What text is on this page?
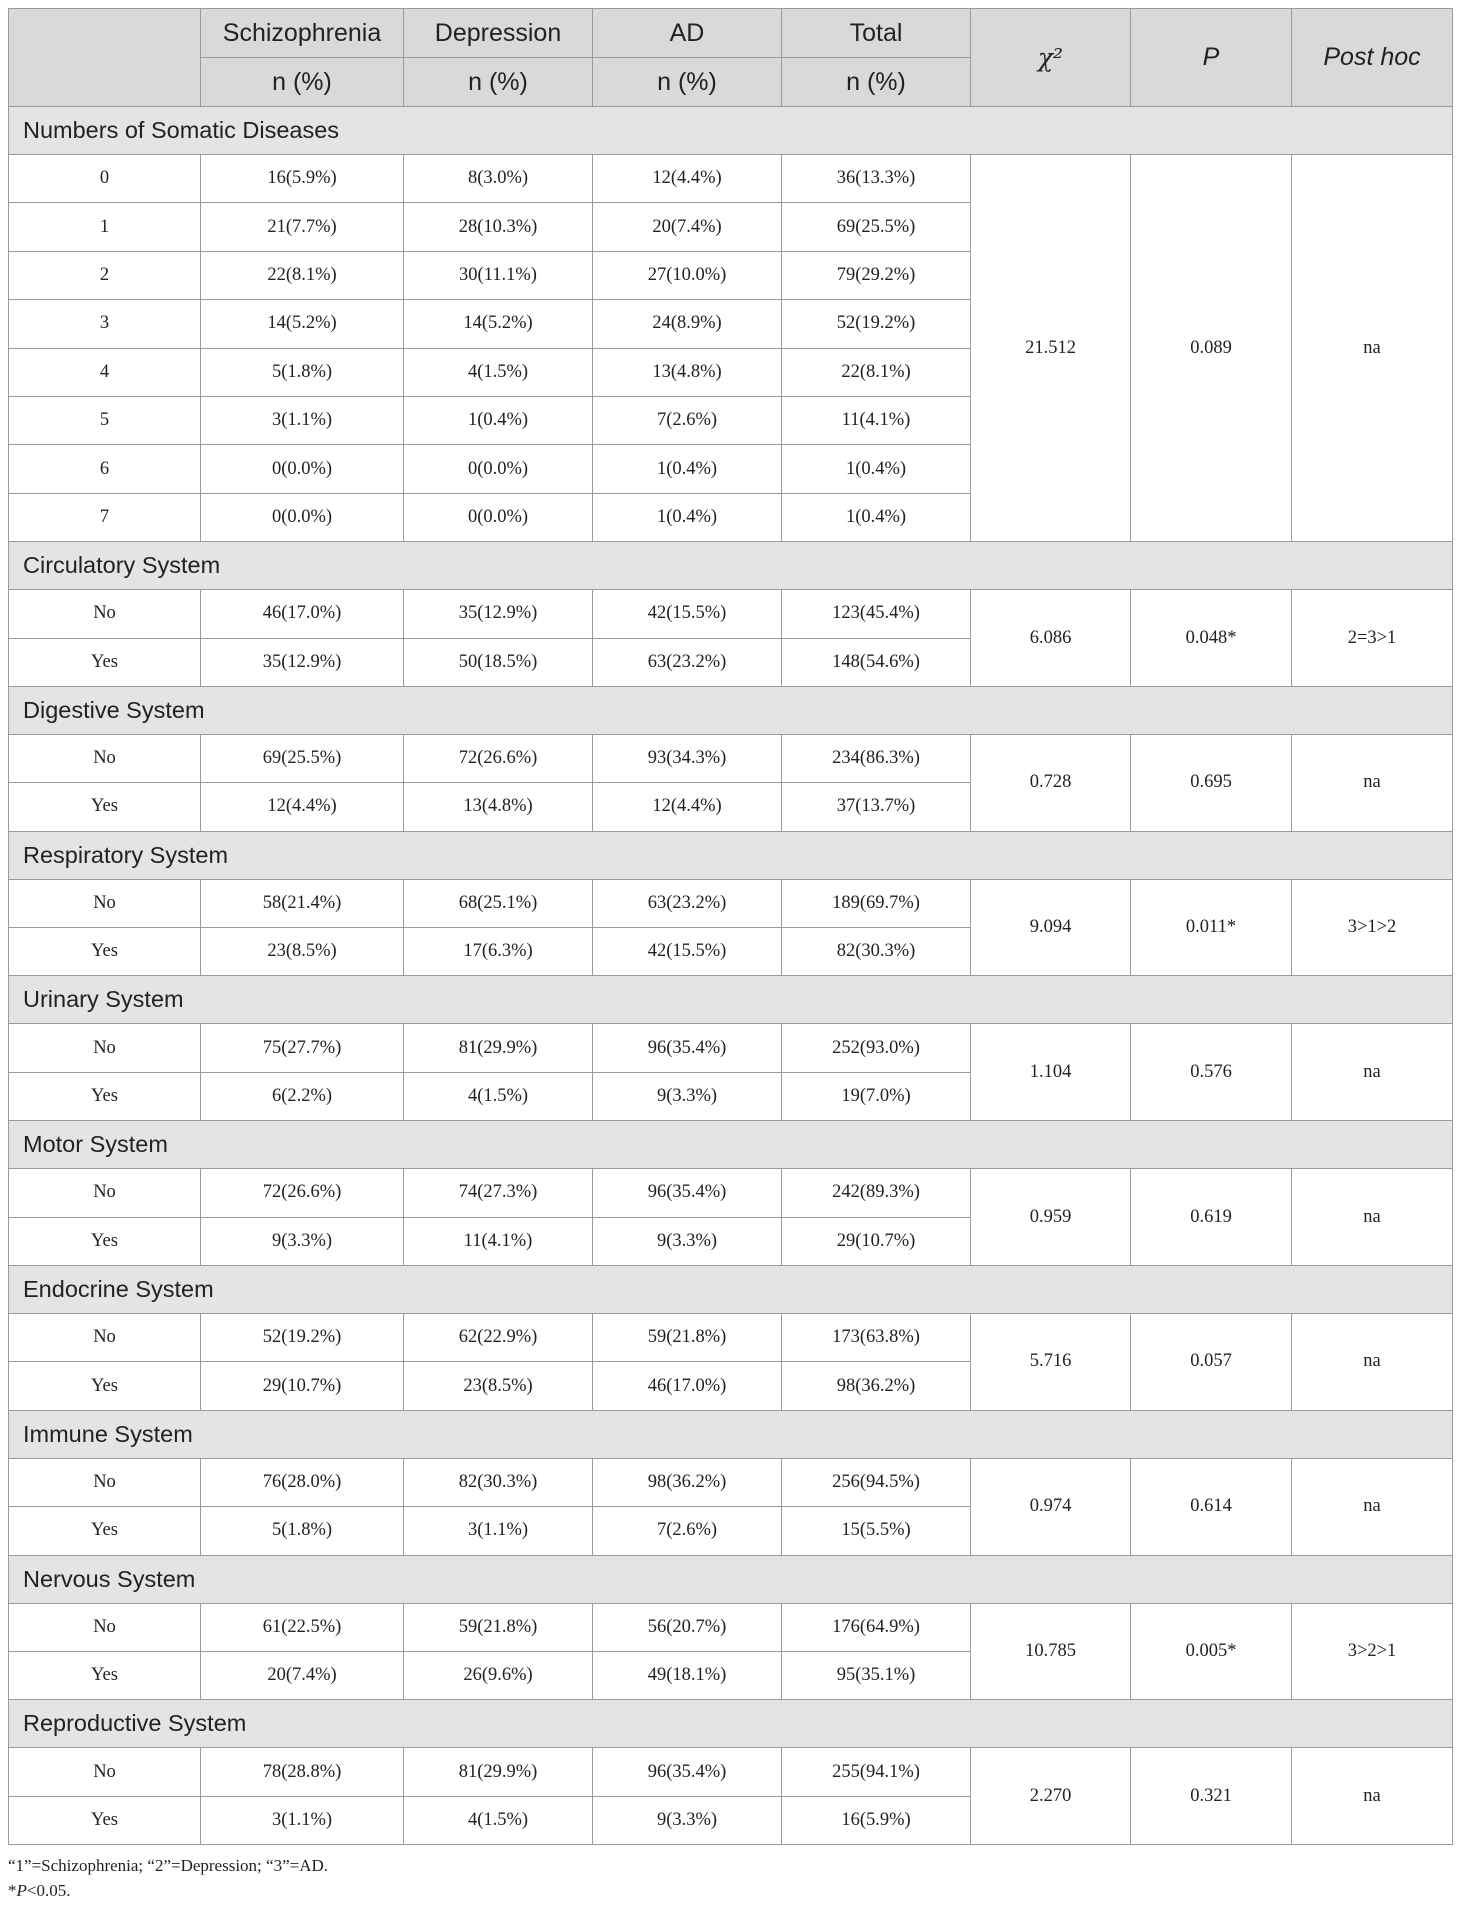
	Schizophrenia	Depression	AD	Total	χ²	P	Post hoc
	n (%)	n (%)	n (%)	n (%)			
Numbers of Somatic Diseases							
0	16(5.9%)	8(3.0%)	12(4.4%)	36(13.3%)	21.512	0.089	na
1	21(7.7%)	28(10.3%)	20(7.4%)	69(25.5%)			
2	22(8.1%)	30(11.1%)	27(10.0%)	79(29.2%)			
3	14(5.2%)	14(5.2%)	24(8.9%)	52(19.2%)			
4	5(1.8%)	4(1.5%)	13(4.8%)	22(8.1%)			
5	3(1.1%)	1(0.4%)	7(2.6%)	11(4.1%)			
6	0(0.0%)	0(0.0%)	1(0.4%)	1(0.4%)			
7	0(0.0%)	0(0.0%)	1(0.4%)	1(0.4%)			
Circulatory System							
No	46(17.0%)	35(12.9%)	42(15.5%)	123(45.4%)	6.086	0.048*	2=3>1
Yes	35(12.9%)	50(18.5%)	63(23.2%)	148(54.6%)			
Digestive System							
No	69(25.5%)	72(26.6%)	93(34.3%)	234(86.3%)	0.728	0.695	na
Yes	12(4.4%)	13(4.8%)	12(4.4%)	37(13.7%)			
Respiratory System							
No	58(21.4%)	68(25.1%)	63(23.2%)	189(69.7%)	9.094	0.011*	3>1>2
Yes	23(8.5%)	17(6.3%)	42(15.5%)	82(30.3%)			
Urinary System							
No	75(27.7%)	81(29.9%)	96(35.4%)	252(93.0%)	1.104	0.576	na
Yes	6(2.2%)	4(1.5%)	9(3.3%)	19(7.0%)			
Motor System							
No	72(26.6%)	74(27.3%)	96(35.4%)	242(89.3%)	0.959	0.619	na
Yes	9(3.3%)	11(4.1%)	9(3.3%)	29(10.7%)			
Endocrine System							
No	52(19.2%)	62(22.9%)	59(21.8%)	173(63.8%)	5.716	0.057	na
Yes	29(10.7%)	23(8.5%)	46(17.0%)	98(36.2%)			
Immune System							
No	76(28.0%)	82(30.3%)	98(36.2%)	256(94.5%)	0.974	0.614	na
Yes	5(1.8%)	3(1.1%)	7(2.6%)	15(5.5%)			
Nervous System							
No	61(22.5%)	59(21.8%)	56(20.7%)	176(64.9%)	10.785	0.005*	3>2>1
Yes	20(7.4%)	26(9.6%)	49(18.1%)	95(35.1%)			
Reproductive System							
No	78(28.8%)	81(29.9%)	96(35.4%)	255(94.1%)	2.270	0.321	na
Yes	3(1.1%)	4(1.5%)	9(3.3%)	16(5.9%)			
“1”=Schizophrenia; “2”=Depression; “3”=AD.
*P<0.05.
